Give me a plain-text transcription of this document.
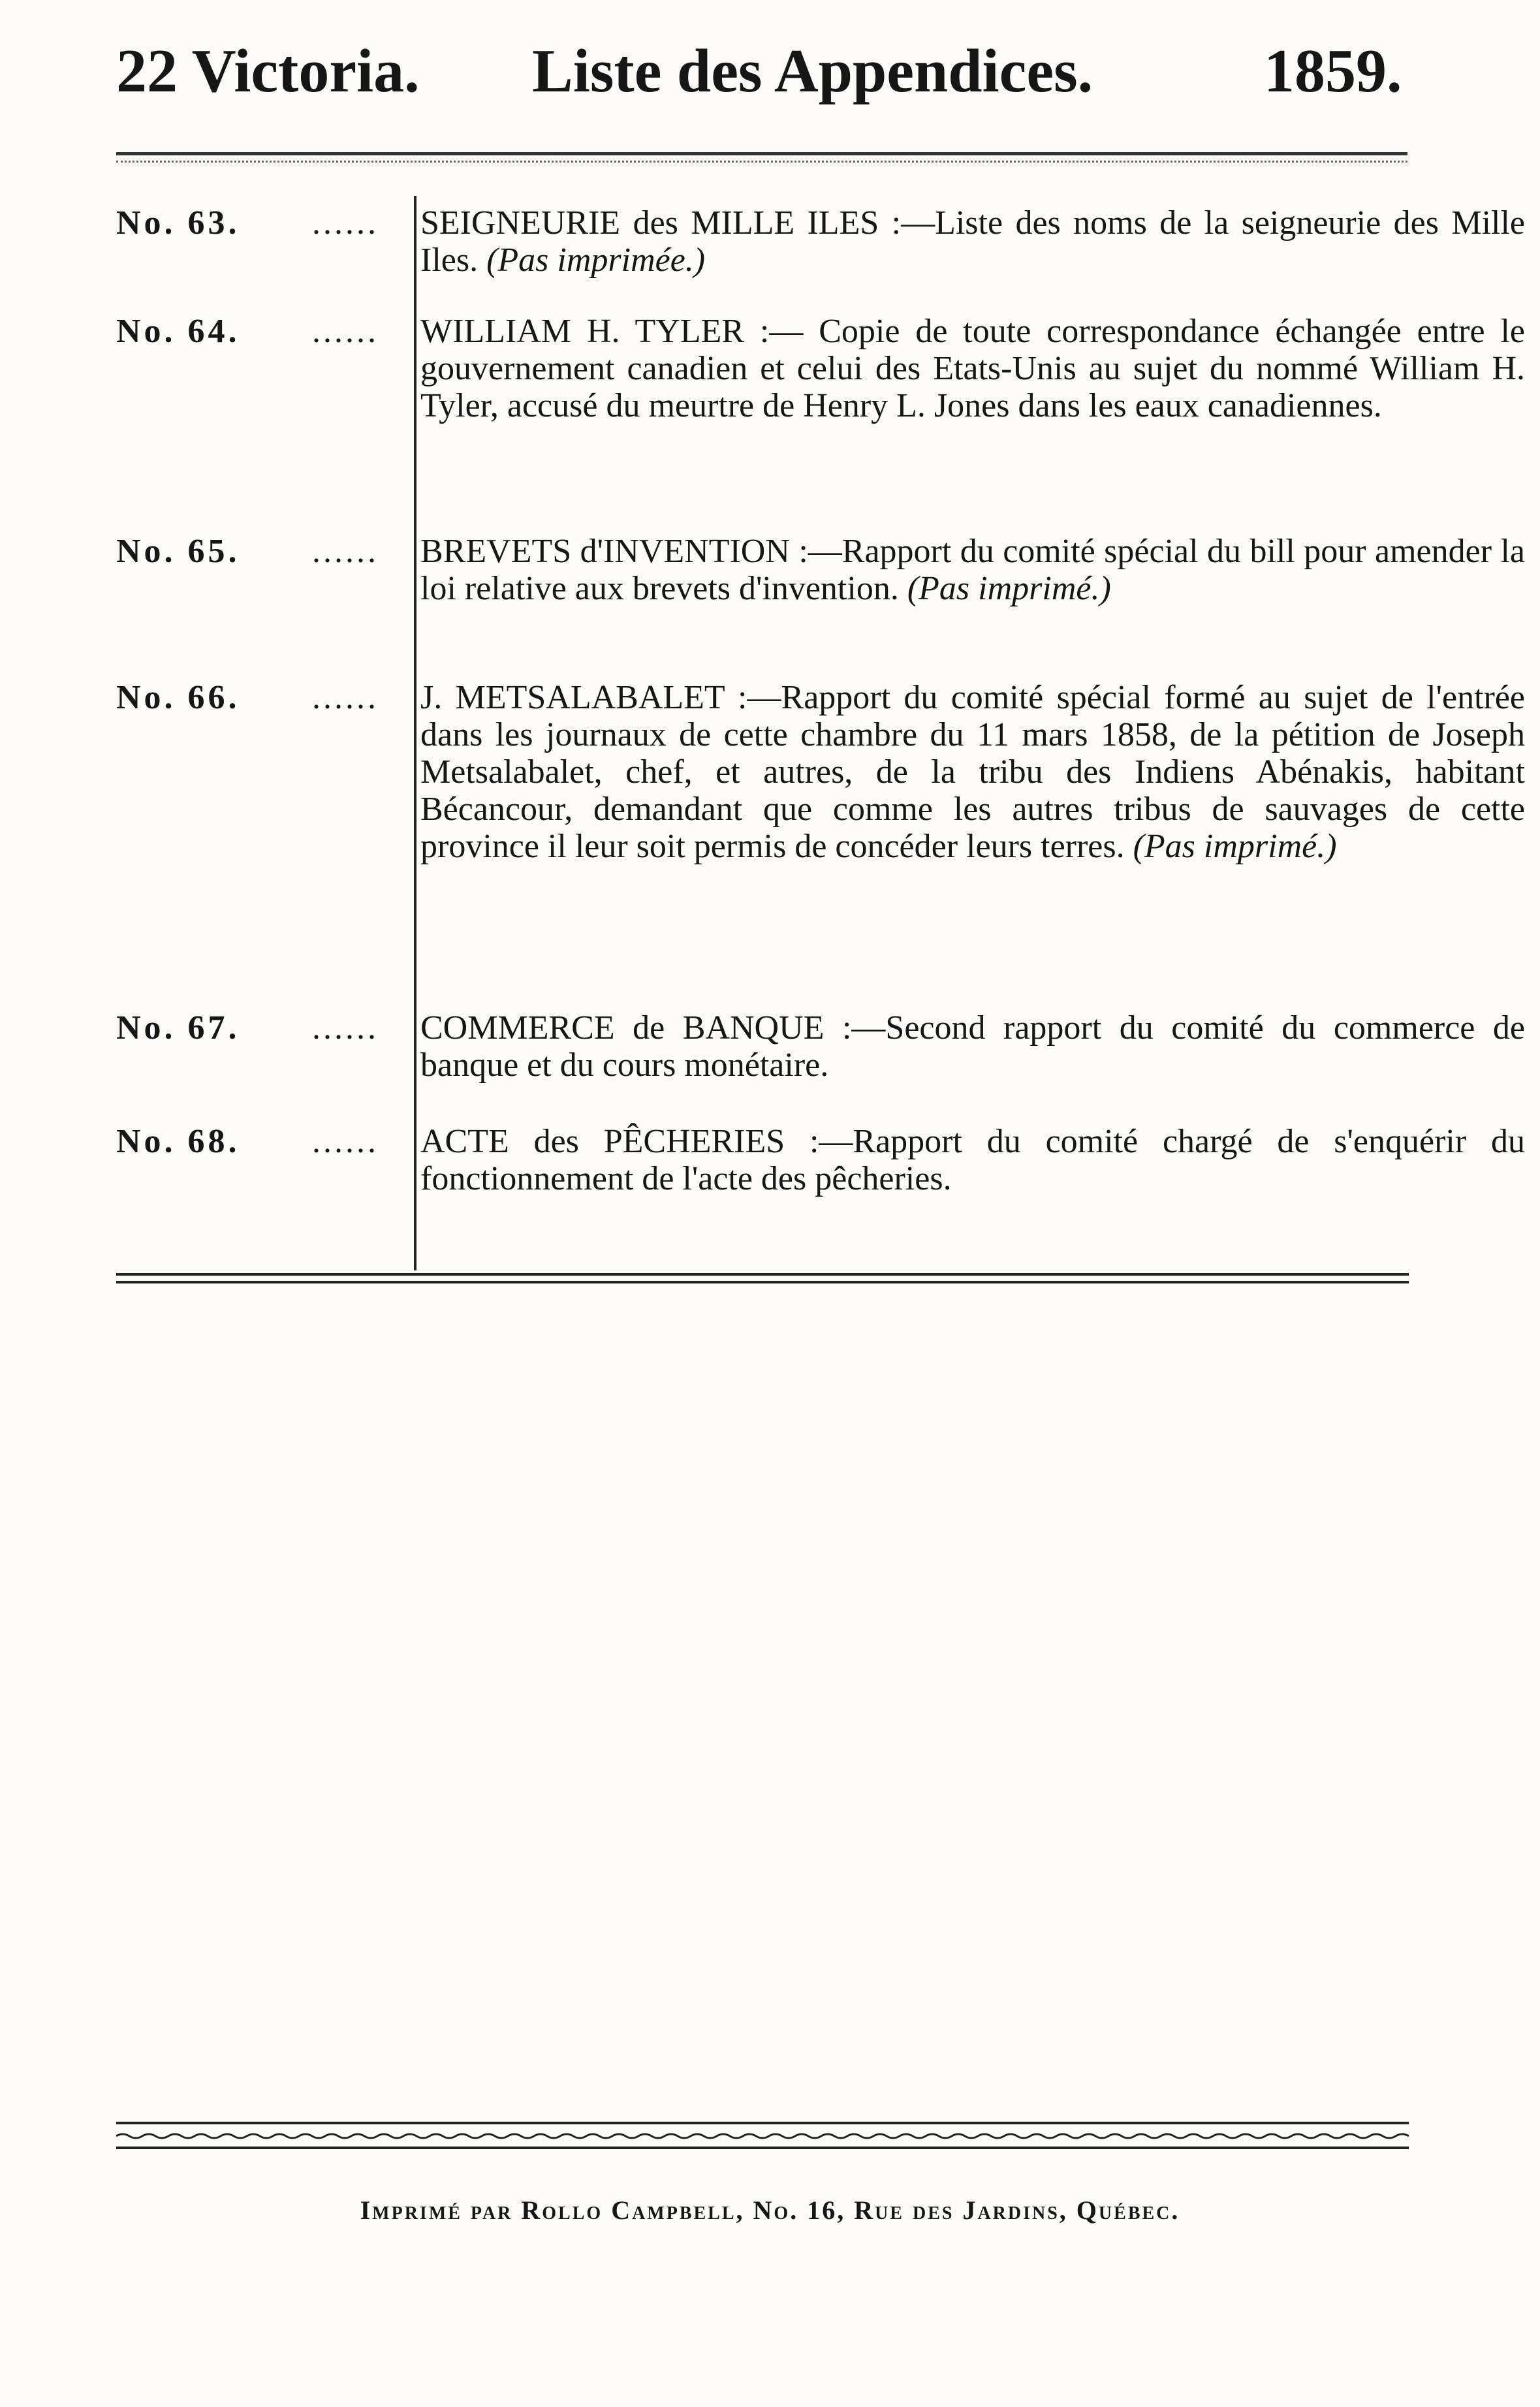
22 Victoria. Liste des Appendices.	1859.
No. 63. ...... SEIGNEURIE des MILLE ILES :—Liste des noms de la seigneurie des Mille Iles. (Pas imprimée.)
No. 64. ...... WILLIAM H. TYLER :— Copie de toute correspondance échangée entre le gouvernement canadien et celui des Etats-Unis au sujet du nommé William H. Tyler, accusé du meurtre de Henry L. Jones dans les eaux canadiennes.
No. 65. ...... BREVETS d'INVENTION :—Rapport du comité spécial du bill pour amender la loi relative aux brevets d'invention. (Pas imprimé.)
No. 66. ...... J. METSALABALET :—Rapport du comité spécial formé au sujet de l'entrée dans les journaux de cette chambre du 11 mars 1858, de la pétition de Joseph Metsalabalet, chef, et autres, de la tribu des Indiens Abénakis, habitant Bécancour, demandant que comme les autres tribus de sauvages de cette province il leur soit permis de concéder leurs terres. (Pas imprimé.)
No. 67. ...... COMMERCE de BANQUE :—Second rapport du comité du commerce de banque et du cours monétaire.
No. 68. ...... ACTE des PÊCHERIES :—Rapport du comité chargé de s'enquérir du fonctionnement de l'acte des pêcheries.
Imprimé par Rollo Campbell, No. 16, Rue des Jardins, Québec.
